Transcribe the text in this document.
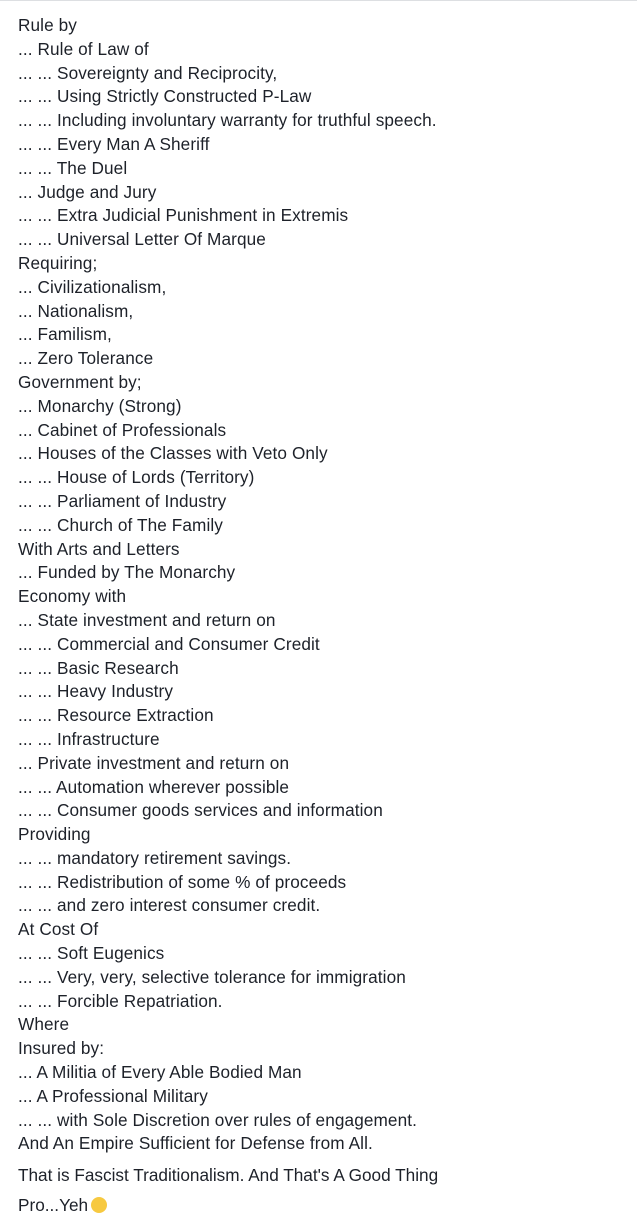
Rule by
... Rule of Law of
... ... Sovereignty and Reciprocity,
... ... Using Strictly Constructed P-Law
... ... Including involuntary warranty for truthful speech.
... ... Every Man A Sheriff
... ... The Duel
... Judge and Jury
... ... Extra Judicial Punishment in Extremis
... ... Universal Letter Of Marque
Requiring;
... Civilizationalism,
... Nationalism,
... Familism,
... Zero Tolerance
Government by;
... Monarchy (Strong)
... Cabinet of Professionals
... Houses of the Classes with Veto Only
... ... House of Lords (Territory)
... ... Parliament of Industry
... ... Church of The Family
With Arts and Letters
... Funded by The Monarchy
Economy with
... State investment and return on
... ... Commercial and Consumer Credit
... ... Basic Research
... ... Heavy Industry
... ... Resource Extraction
... ... Infrastructure
... Private investment and return on
... ... Automation wherever possible
... ... Consumer goods services and information
Providing
... ... mandatory retirement savings.
... ... Redistribution of some % of proceeds
... ... and zero interest consumer credit.
At Cost Of
... ... Soft Eugenics
... ... Very, very, selective tolerance for immigration
... ... Forcible Repatriation.
Where
Insured by:
... A Militia of Every Able Bodied Man
... A Professional Military
... ... with Sole Discretion over rules of engagement.
And An Empire Sufficient for Defense from All.
That is Fascist Traditionalism. And That's A Good Thing
Pro...Yeh
